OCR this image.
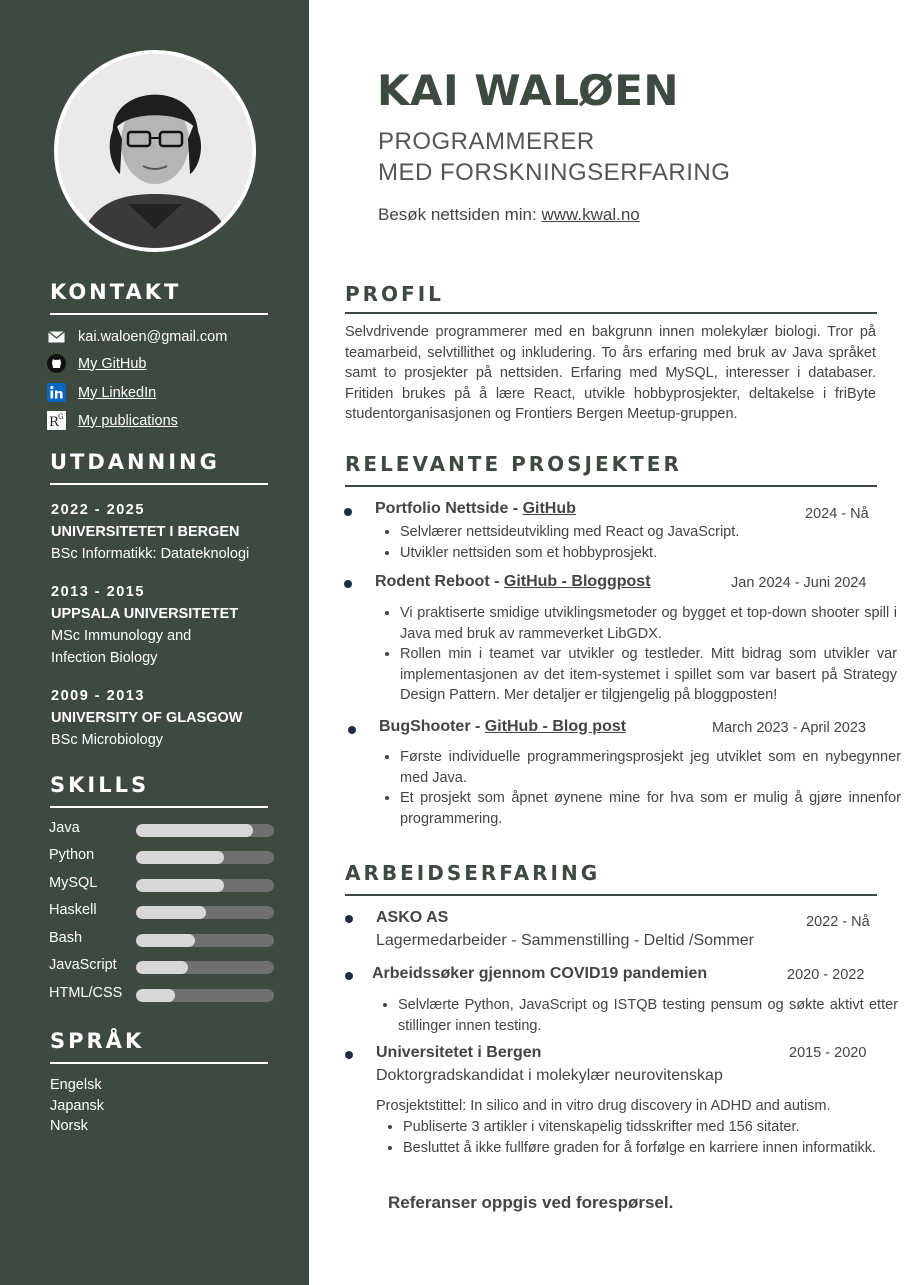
KONTAKT
kai.waloen@gmail.com
My GitHub
My LinkedIn
R G My publications
UTDANNING
2022 - 2025
UNIVERSITETET I BERGEN
BSc Informatikk: Datateknologi
2013 - 2015
UPPSALA UNIVERSITETET
MSc Immunology and
Infection Biology
2009 - 2013
UNIVERSITY OF GLASGOW
BSc Microbiology
SKILLS
Java
Python
MySQL
Haskell
Bash
JavaScript
HTML/CSS
SPRÅK
Engelsk
Japansk
Norsk
KAI WALØEN
PROGRAMMERER
MED FORSKNINGSERFARING
Besøk nettsiden min: www.kwal.no
PROFIL
Selvdrivende programmerer med en bakgrunn innen molekylær biologi. Tror på teamarbeid, selvtillithet og inkludering. To års erfaring med bruk av Java språket samt to prosjekter på nettsiden. Erfaring med MySQL, interesser i databaser. Fritiden brukes på å lære React, utvikle hobbyprosjekter, deltakelse i friByte studentorganisasjonen og Frontiers Bergen Meetup-gruppen.
RELEVANTE PROSJEKTER
Portfolio Nettside - GitHub	2024 - Nå
• Selvlærer nettsideutvikling med React og JavaScript.
• Utvikler nettsiden som et hobbyprosjekt.
Rodent Reboot - GitHub - Bloggpost	Jan 2024 - Juni 2024
• Vi praktiserte smidige utviklingsmetoder og bygget et top-down shooter spill i Java med bruk av rammeverket LibGDX.
• Rollen min i teamet var utvikler og testleder. Mitt bidrag som utvikler var implementasjonen av det item-systemet i spillet som var basert på Strategy Design Pattern. Mer detaljer er tilgjengelig på bloggposten!
BugShooter - GitHub - Blog post	March 2023 - April 2023
• Første individuelle programmeringsprosjekt jeg utviklet som en nybegynner med Java.
• Et prosjekt som åpnet øynene mine for hva som er mulig å gjøre innenfor programmering.
ARBEIDSERFARING
ASKO AS	2022 - Nå
Lagermedarbeider - Sammenstilling - Deltid /Sommer
Arbeidssøker gjennom COVID19 pandemien	2020 - 2022
• Selvlærte Python, JavaScript og ISTQB testing pensum og søkte aktivt etter stillinger innen testing.
Universitetet i Bergen	2015 - 2020
Doktorgradskandidat i molekylær neurovitenskap
Prosjektstittel: In silico and in vitro drug discovery in ADHD and autism.
• Publiserte 3 artikler i vitenskapelig tidsskrifter med 156 sitater.
• Besluttet å ikke fullføre graden for å forfølge en karriere innen informatikk.
Referanser oppgis ved forespørsel.
